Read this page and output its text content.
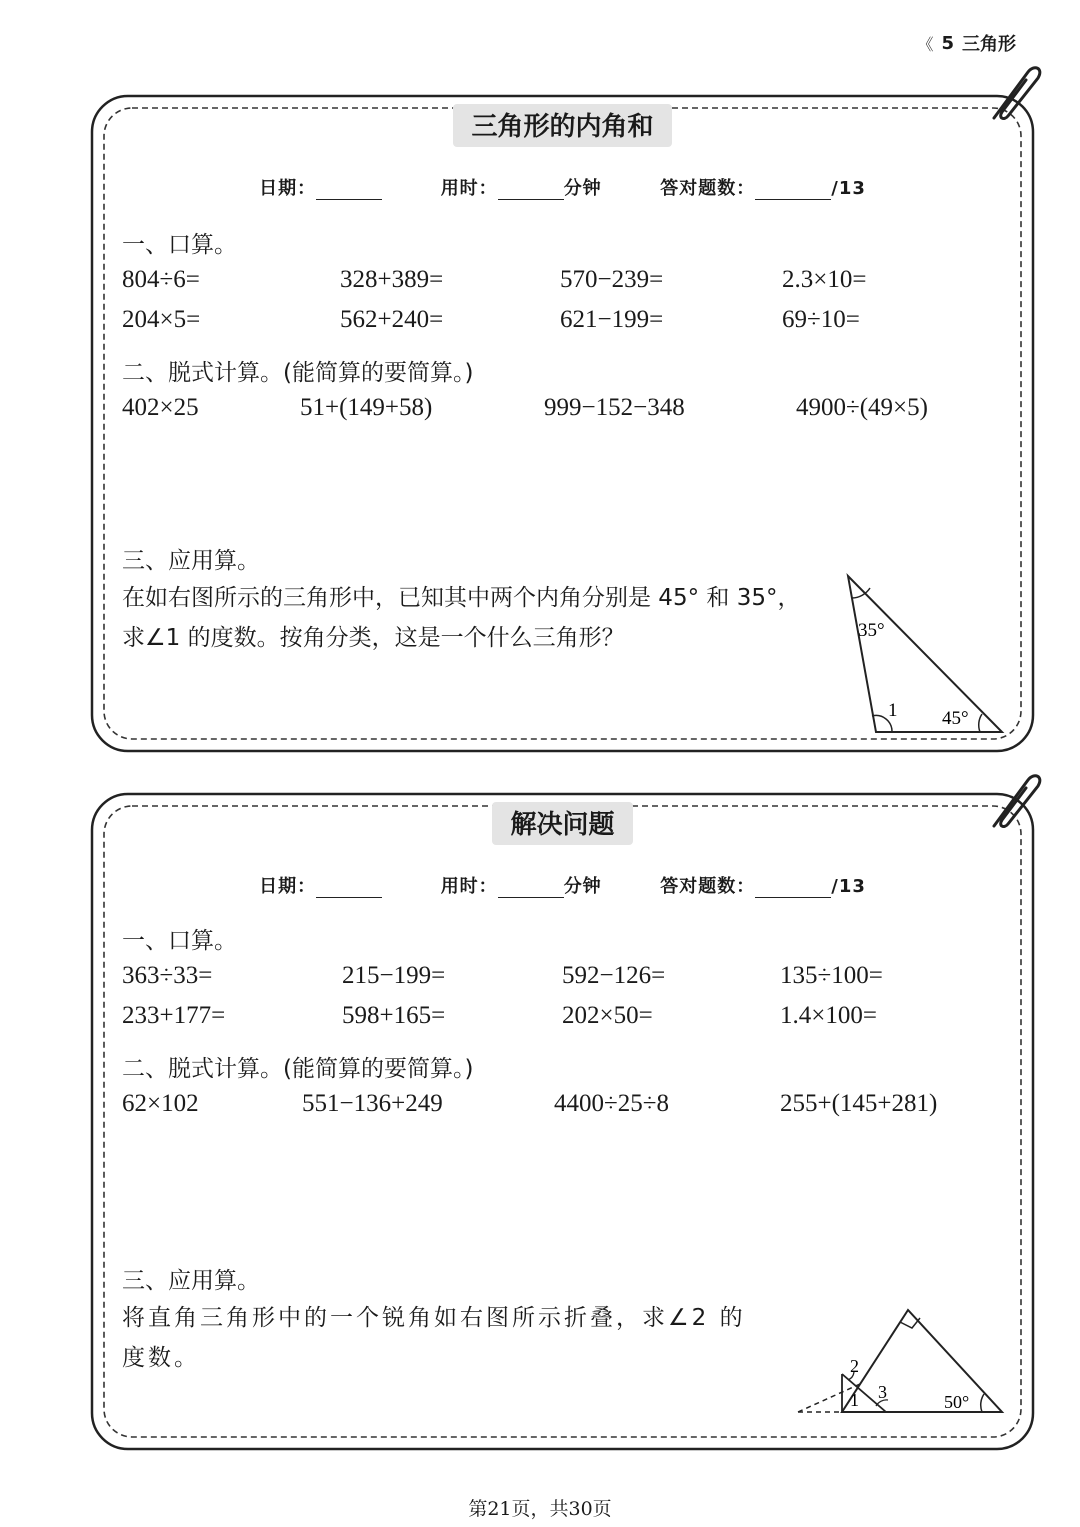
《 5 三角形
三角形的内角和
日期：	用时：	分钟	答对题数：	/13
一、口算。
804÷6=	328+389=	570−239=	2.3×10=
204×5=	562+240=	621−199=	69÷10=
二、脱式计算。(能简算的要简算。)
402×25	51+(149+58)	999−152−348	4900÷(49×5)
三、应用算。
在如右图所示的三角形中，已知其中两个内角分别是 45° 和 35°，
求∠1 的度数。按角分类，这是一个什么三角形？	35°
1 45°
解决问题
日期：	用时：	分钟	答对题数：	/13
一、口算。
363÷33=	215−199=	592−126=	135÷100=
233+177=	598+165=	202×50=	1.4×100=
二、脱式计算。(能简算的要简算。)
62×102	551−136+249	4400÷25÷8	255+(145+281)
三、应用算。
将直角三角形中的一个锐角如右图所示折叠，求∠2 的
度数。
1
2
3	50°
第21页，共30页
